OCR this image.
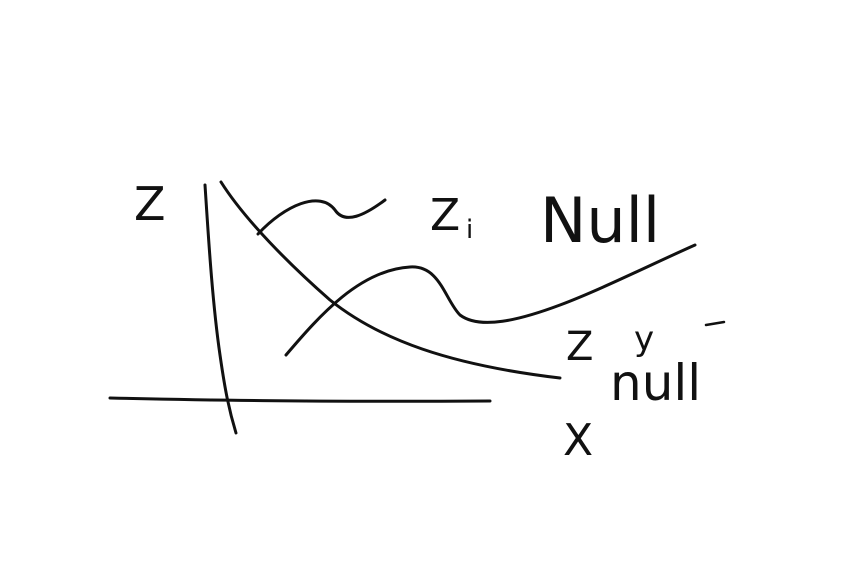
Z
X
Z i Null
Z y
null
